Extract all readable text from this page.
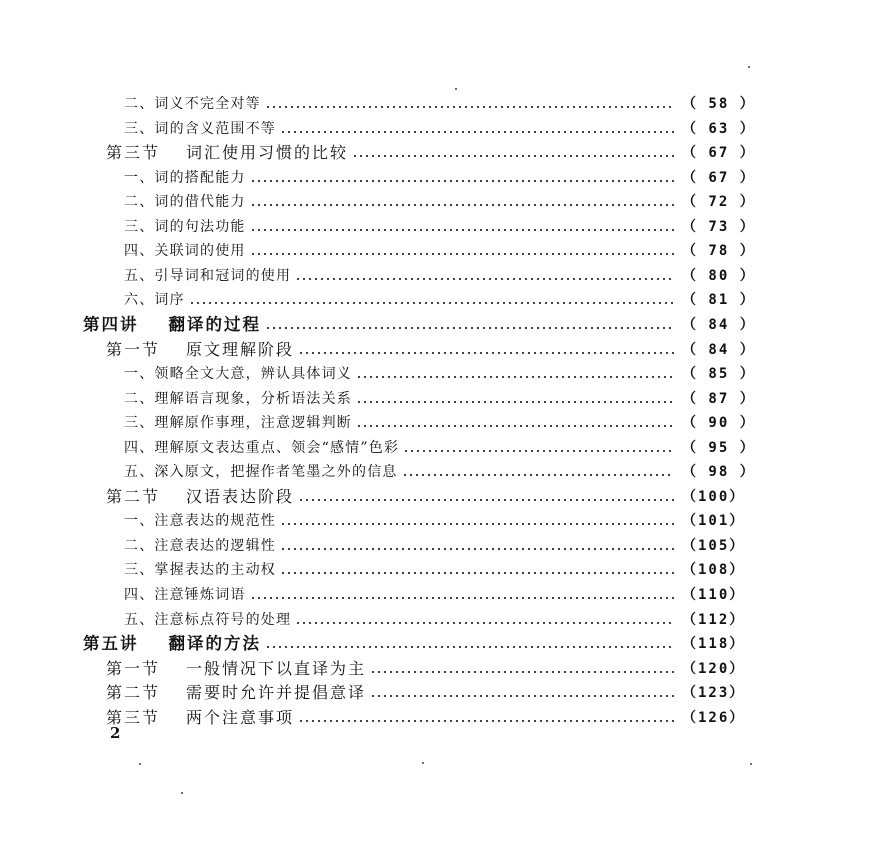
二、词义不完全对等	（ 58 ）
三、词的含义范围不等	（ 63 ）
第三节 词汇使用习惯的比较	（ 67 ）
一、词的搭配能力	（ 67 ）
二、词的借代能力	（ 72 ）
三、词的句法功能	（ 73 ）
四、关联词的使用	（ 78 ）
五、引导词和冠词的使用	（ 80 ）
六、词序	（ 81 ）
第四讲 翻译的过程	（ 84 ）
第一节 原文理解阶段	（ 84 ）
一、领略全文大意，辨认具体词义	（ 85 ）
二、理解语言现象，分析语法关系	（ 87 ）
三、理解原作事理，注意逻辑判断	（ 90 ）
四、理解原文表达重点、领会“感情”色彩	（ 95 ）
五、深入原文，把握作者笔墨之外的信息	（ 98 ）
第二节 汉语表达阶段	（100）
一、注意表达的规范性	（101）
二、注意表达的逻辑性	（105）
三、掌握表达的主动权	（108）
四、注意锤炼词语	（110）
五、注意标点符号的处理	（112）
第五讲 翻译的方法	（118）
第一节 一般情况下以直译为主	（120）
第二节 需要时允许并提倡意译	（123）
第三节 两个注意事项	（126）
2
